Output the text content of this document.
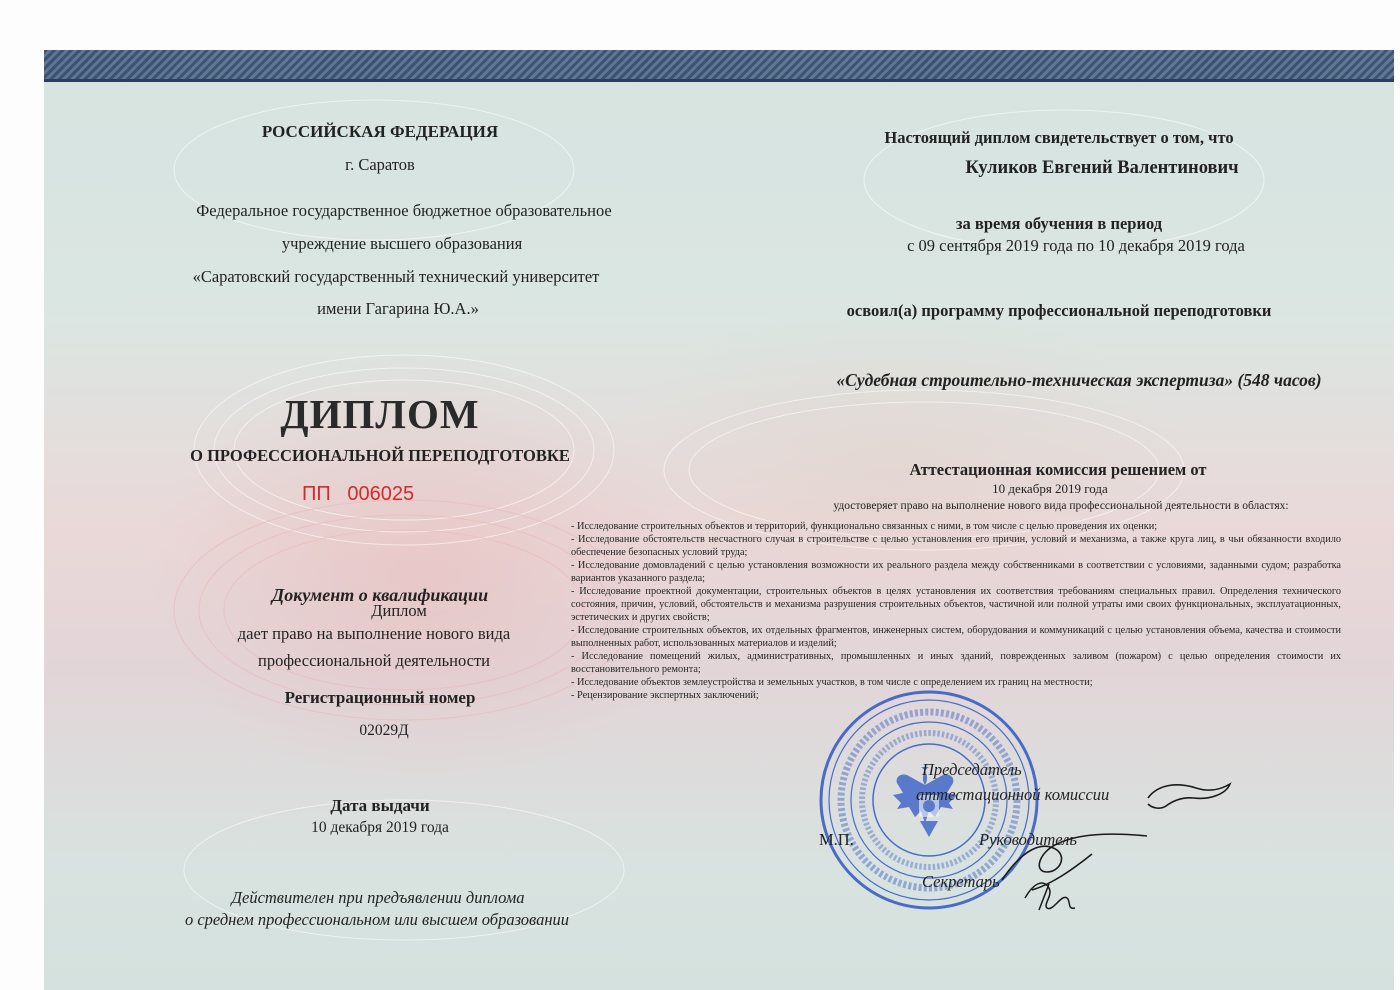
РОССИЙСКАЯ ФЕДЕРАЦИЯ
г. Саратов
Федеральное государственное бюджетное образовательное
учреждение высшего образования
«Саратовский государственный технический университет
имени Гагарина Ю.А.»
ДИПЛОМ
О ПРОФЕССИОНАЛЬНОЙ ПЕРЕПОДГОТОВКЕ
ПП 006025
Документ о квалификации
Диплом
дает право на выполнение нового вида
профессиональной деятельности
Регистрационный номер
02029Д
Дата выдачи
10 декабря 2019 года
Действителен при предъявлении диплома
о среднем профессиональном или высшем образовании
Настоящий диплом свидетельствует о том, что
Куликов Евгений Валентинович
за время обучения в период
с 09 сентября 2019 года по 10 декабря 2019 года
освоил(а) программу профессиональной переподготовки
«Судебная строительно-техническая экспертиза» (548 часов)
Аттестационная комиссия решением от
10 декабря 2019 года
удостоверяет право на выполнение нового вида профессиональной деятельности в областях:
- Исследование строительных объектов и территорий, функционально связанных с ними, в том числе с целью проведения их оценки;
- Исследование обстоятельств несчастного случая в строительстве с целью установления его причин, условий и механизма, а также круга лиц, в чьи обязанности входило обеспечение безопасных условий труда;
- Исследование домовладений с целью установления возможности их реального раздела между собственниками в соответствии с условиями, заданными судом; разработка вариантов указанного раздела;
- Исследование проектной документации, строительных объектов в целях установления их соответствия требованиям специальных правил. Определения технического состояния, причин, условий, обстоятельств и механизма разрушения строительных объектов, частичной или полной утраты ими своих функциональных, эксплуатационных, эстетических и других свойств;
- Исследование строительных объектов, их отдельных фрагментов, инженерных систем, оборудования и коммуникаций с целью установления объема, качества и стоимости выполненных работ, использованных материалов и изделий;
- Исследование помещений жилых, административных, промышленных и иных зданий, поврежденных заливом (пожаром) с целью определения стоимости их восстановительного ремонта;
- Исследование объектов землеустройства и земельных участков, в том числе с определением их границ на местности;
- Рецензирование экспертных заключений;
Председатель
аттестационной комиссии
М.П.	Руководитель
Секретарь
